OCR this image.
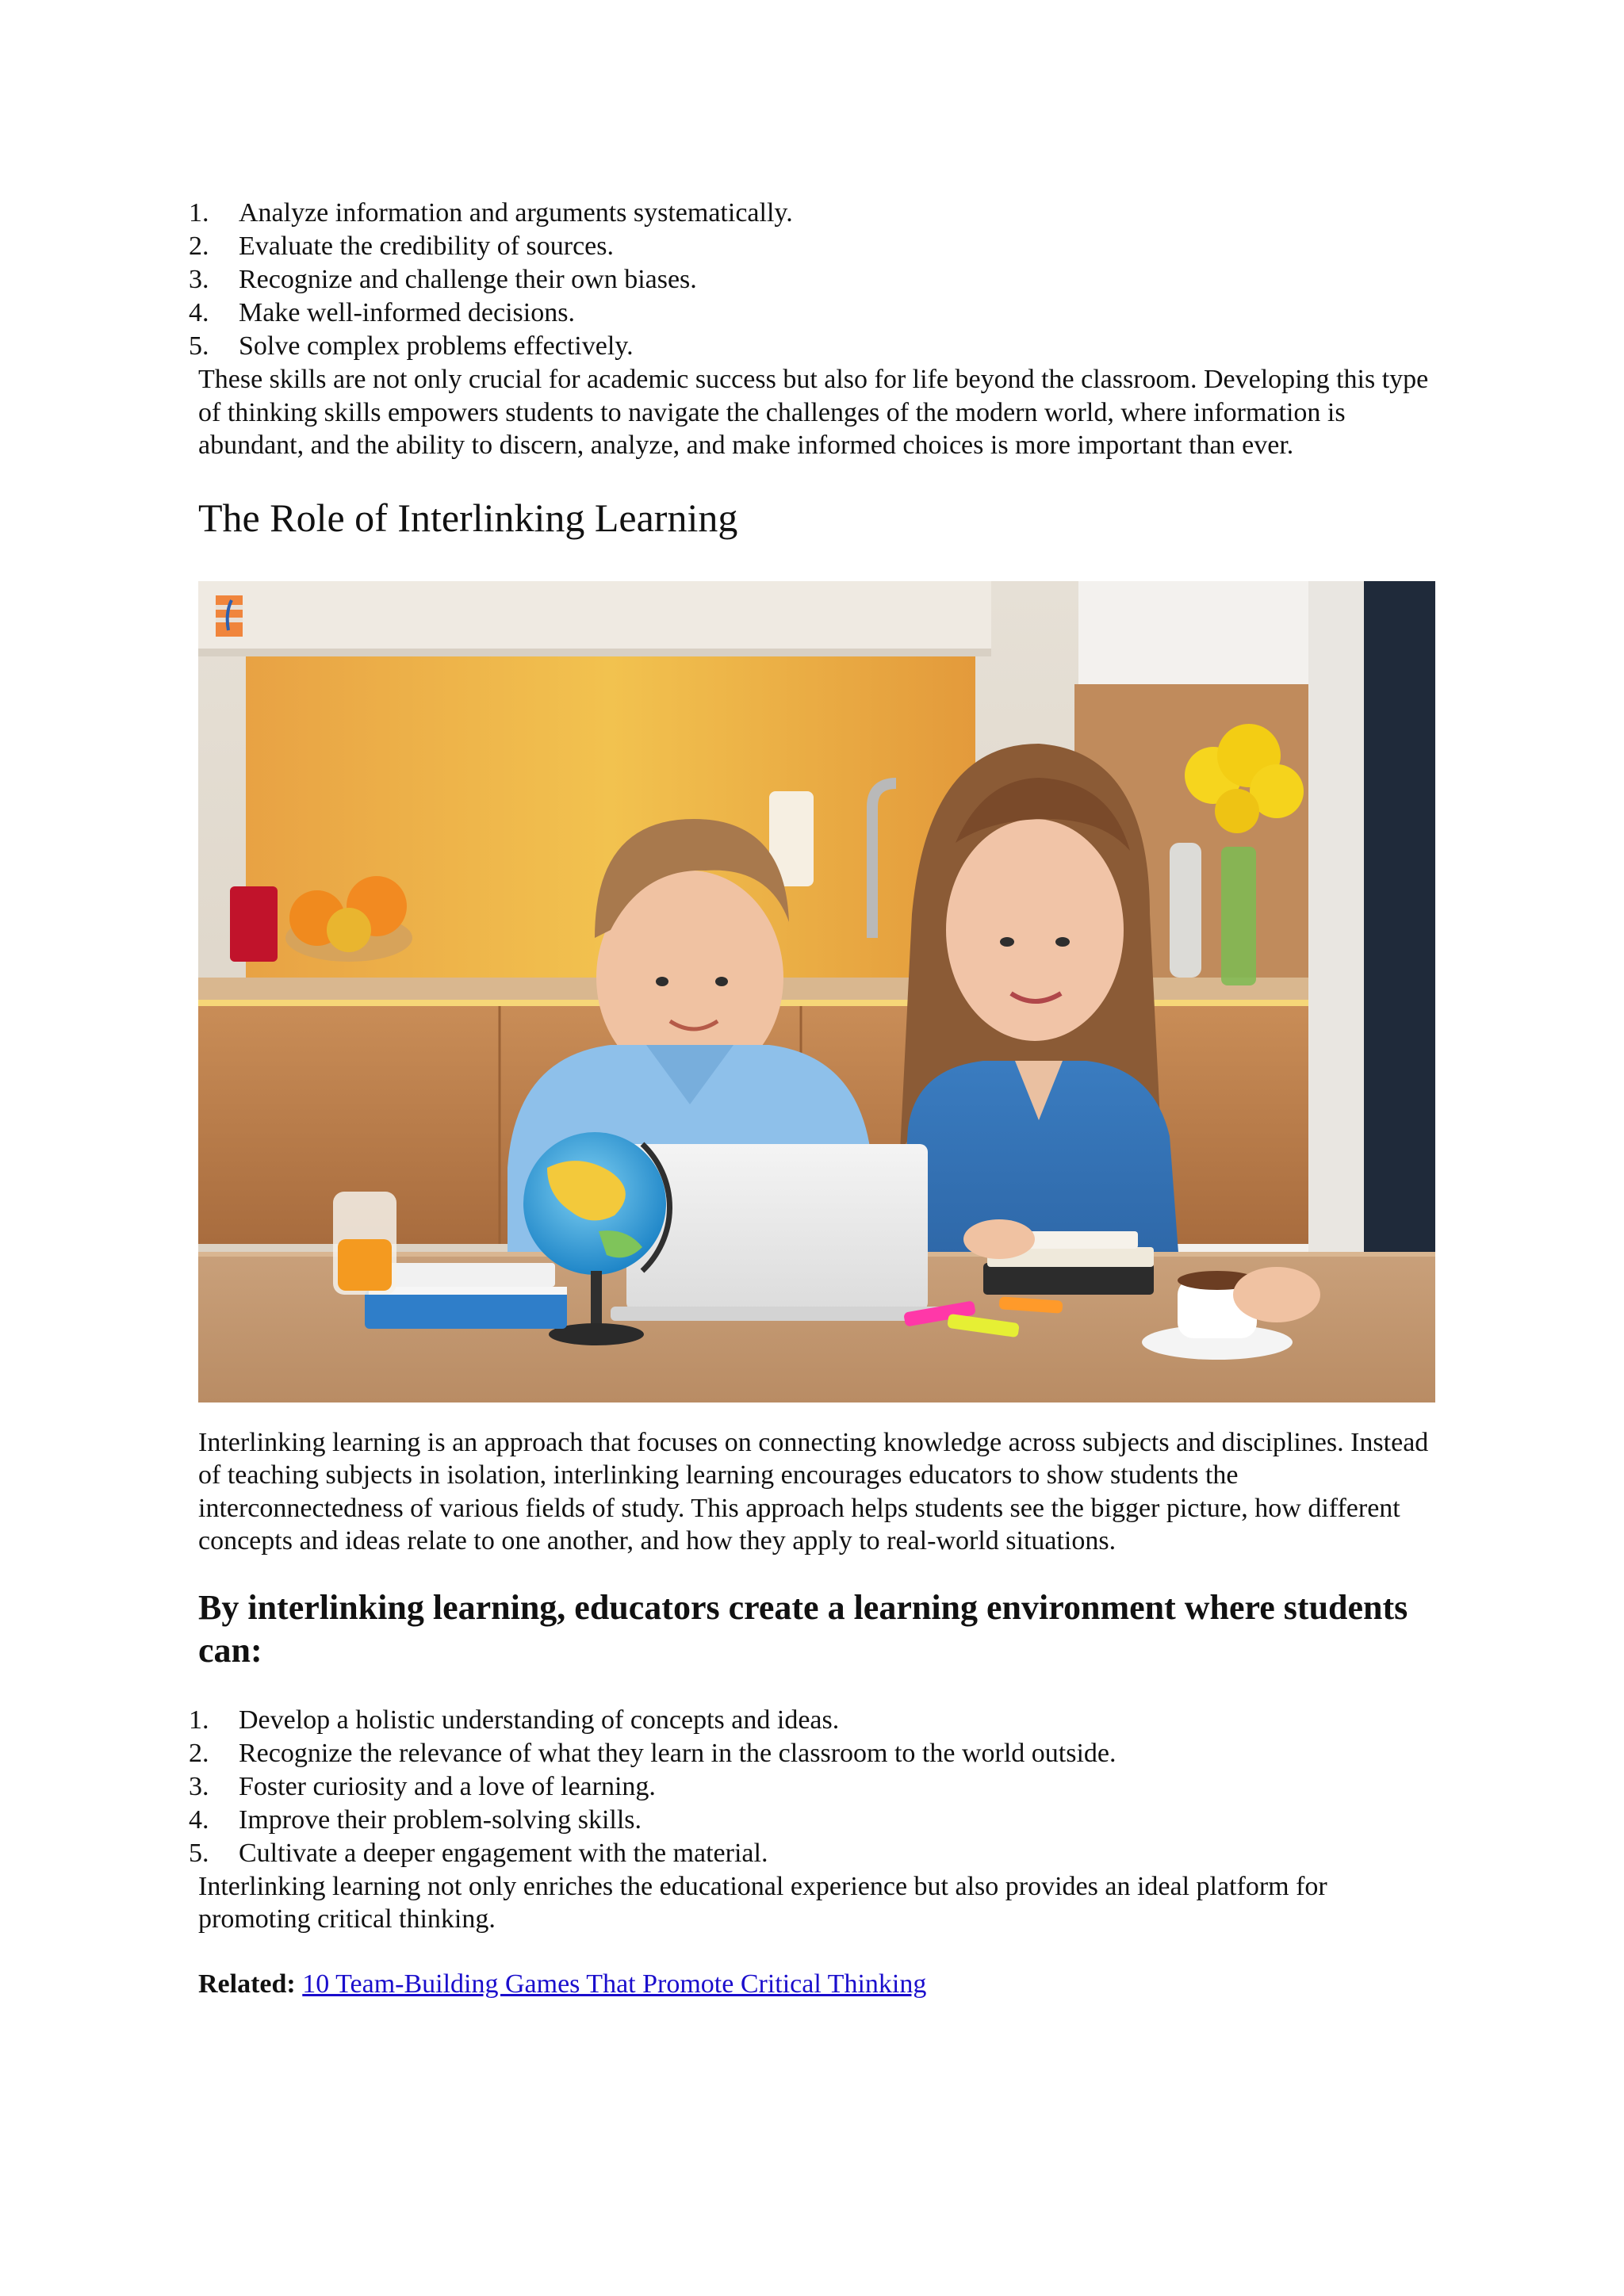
1.	Analyze information and arguments systematically.
2.	Evaluate the credibility of sources.
3.	Recognize and challenge their own biases.
4.	Make well-informed decisions.
5.	Solve complex problems effectively.

These skills are not only crucial for academic success but also for life beyond the classroom. Developing this type of thinking skills empowers students to navigate the challenges of the modern world, where information is abundant, and the ability to discern, analyze, and make informed choices is more important than ever.

The Role of Interlinking Learning

Interlinking learning is an approach that focuses on connecting knowledge across subjects and disciplines. Instead of teaching subjects in isolation, interlinking learning encourages educators to show students the interconnectedness of various fields of study. This approach helps students see the bigger picture, how different concepts and ideas relate to one another, and how they apply to real-world situations.

By interlinking learning, educators create a learning environment where students can:
1.	Develop a holistic understanding of concepts and ideas.
2.	Recognize the relevance of what they learn in the classroom to the world outside.
3.	Foster curiosity and a love of learning.
4.	Improve their problem-solving skills.
5.	Cultivate a deeper engagement with the material.

Interlinking learning not only enriches the educational experience but also provides an ideal platform for promoting critical thinking.

Related: 10 Team-Building Games That Promote Critical Thinking
